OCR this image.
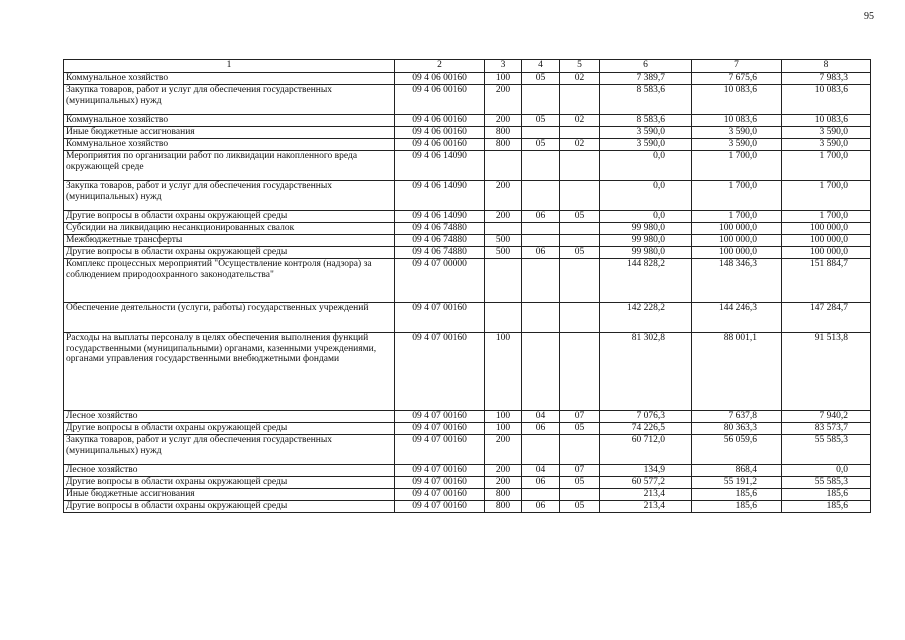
95
1	2	3	4	5	6	7	8
Коммунальное хозяйство	09 4 06 00160	100	05	02	7 389,7	7 675,6	7 983,3
Закупка товаров, работ и услуг для обеспечения государственных (муниципальных) нужд	09 4 06 00160	200			8 583,6	10 083,6	10 083,6
Коммунальное хозяйство	09 4 06 00160	200	05	02	8 583,6	10 083,6	10 083,6
Иные бюджетные ассигнования	09 4 06 00160	800			3 590,0	3 590,0	3 590,0
Коммунальное хозяйство	09 4 06 00160	800	05	02	3 590,0	3 590,0	3 590,0
Мероприятия по организации работ по ликвидации накопленного вреда окружающей среде	09 4 06 14090				0,0	1 700,0	1 700,0
Закупка товаров, работ и услуг для обеспечения государственных (муниципальных) нужд	09 4 06 14090	200			0,0	1 700,0	1 700,0
Другие вопросы в области охраны окружающей среды	09 4 06 14090	200	06	05	0,0	1 700,0	1 700,0
Субсидии на ликвидацию несанкционированных свалок	09 4 06 74880				99 980,0	100 000,0	100 000,0
Межбюджетные трансферты	09 4 06 74880	500			99 980,0	100 000,0	100 000,0
Другие вопросы в области охраны окружающей среды	09 4 06 74880	500	06	05	99 980,0	100 000,0	100 000,0
Комплекс процессных мероприятий "Осуществление контроля (надзора) за соблюдением природоохранного законодательства"	09 4 07 00000				144 828,2	148 346,3	151 884,7
Обеспечение деятельности (услуги, работы) государственных учреждений	09 4 07 00160				142 228,2	144 246,3	147 284,7
Расходы на выплаты персоналу в целях обеспечения выполнения функций государственными (муниципальными) органами, казенными учреждениями, органами управления государственными внебюджетными фондами	09 4 07 00160	100			81 302,8	88 001,1	91 513,8
Лесное хозяйство	09 4 07 00160	100	04	07	7 076,3	7 637,8	7 940,2
Другие вопросы в области охраны окружающей среды	09 4 07 00160	100	06	05	74 226,5	80 363,3	83 573,7
Закупка товаров, работ и услуг для обеспечения государственных (муниципальных) нужд	09 4 07 00160	200			60 712,0	56 059,6	55 585,3
Лесное хозяйство	09 4 07 00160	200	04	07	134,9	868,4	0,0
Другие вопросы в области охраны окружающей среды	09 4 07 00160	200	06	05	60 577,2	55 191,2	55 585,3
Иные бюджетные ассигнования	09 4 07 00160	800			213,4	185,6	185,6
Другие вопросы в области охраны окружающей среды	09 4 07 00160	800	06	05	213,4	185,6	185,6
